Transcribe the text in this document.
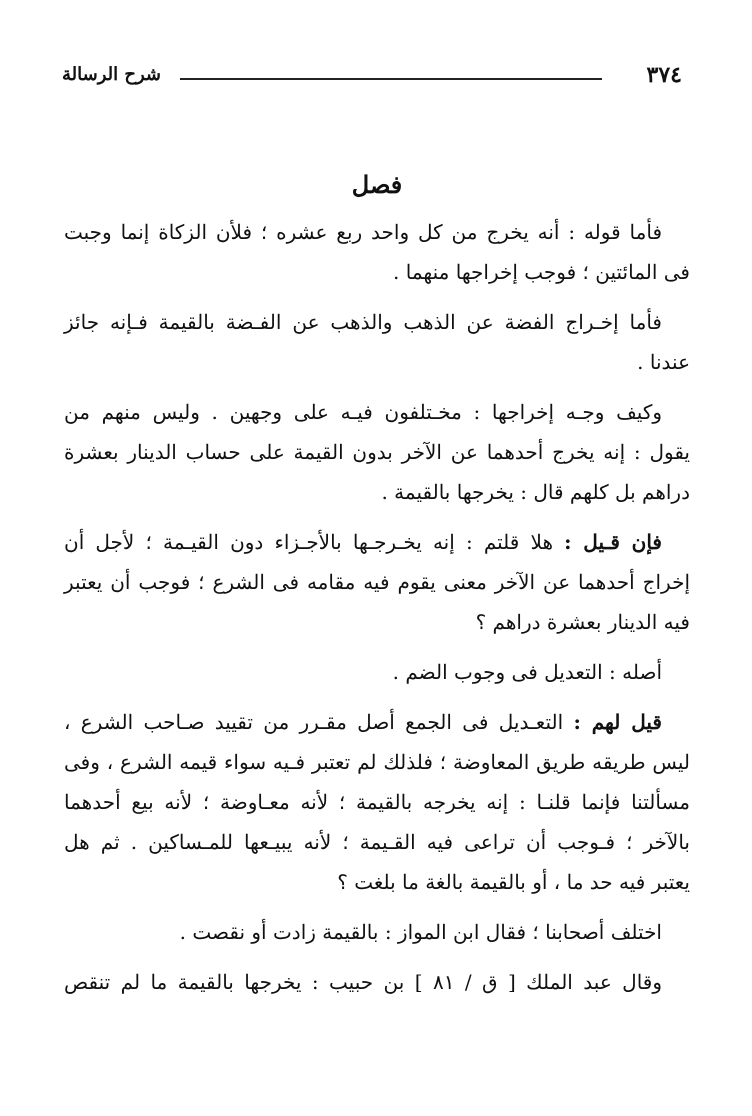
٣٧٤
شرح الرسالة
فصل
فأما قوله : أنه يخرج من كل واحد ربع عشره ؛ فلأن الزكاة إنما وجبت
فى المائتين ؛ فوجب إخراجها منهما .
فأما إخـراج الفضة عن الذهب والذهب عن الفـضة بالقيمة فـإنه جائز
عندنا .
وكيف وجـه إخراجها : مخـتلفون فيـه على وجهين . وليس منهم من
يقول : إنه يخرج أحدهما عن الآخر بدون القيمة على حساب الدينار بعشرة
دراهم بل كلهم قال : يخرجها بالقيمة .
فإن قـيل : هلا قلتم : إنه يخـرجـها بالأجـزاء دون القيـمة ؛ لأجل أن
إخراج أحدهما عن الآخر معنى يقوم فيه مقامه فى الشرع ؛ فوجب أن يعتبر
فيه الدينار بعشرة دراهم ؟
أصله : التعديل فى وجوب الضم .
قيل لهم : التعـديل فى الجمع أصل مقـرر من تقييد صـاحب الشرع ،
ليس طريقه طريق المعاوضة ؛ فلذلك لم تعتبر فـيه سواء قيمه الشرع ، وفى
مسألتنا فإنما قلنـا : إنه يخرجه بالقيمة ؛ لأنه معـاوضة ؛ لأنه بيع أحدهما
بالآخر ؛ فـوجب أن تراعى فيه القـيمة ؛ لأنه يبيـعها للمـساكين . ثم هل
يعتبر فيه حد ما ، أو بالقيمة بالغة ما بلغت ؟
اختلف أصحابنا ؛ فقال ابن المواز : بالقيمة زادت أو نقصت .
وقال عبد الملك [ ق / ٨١ ] بن حبيب : يخرجها بالقيمة ما لم تنقص
